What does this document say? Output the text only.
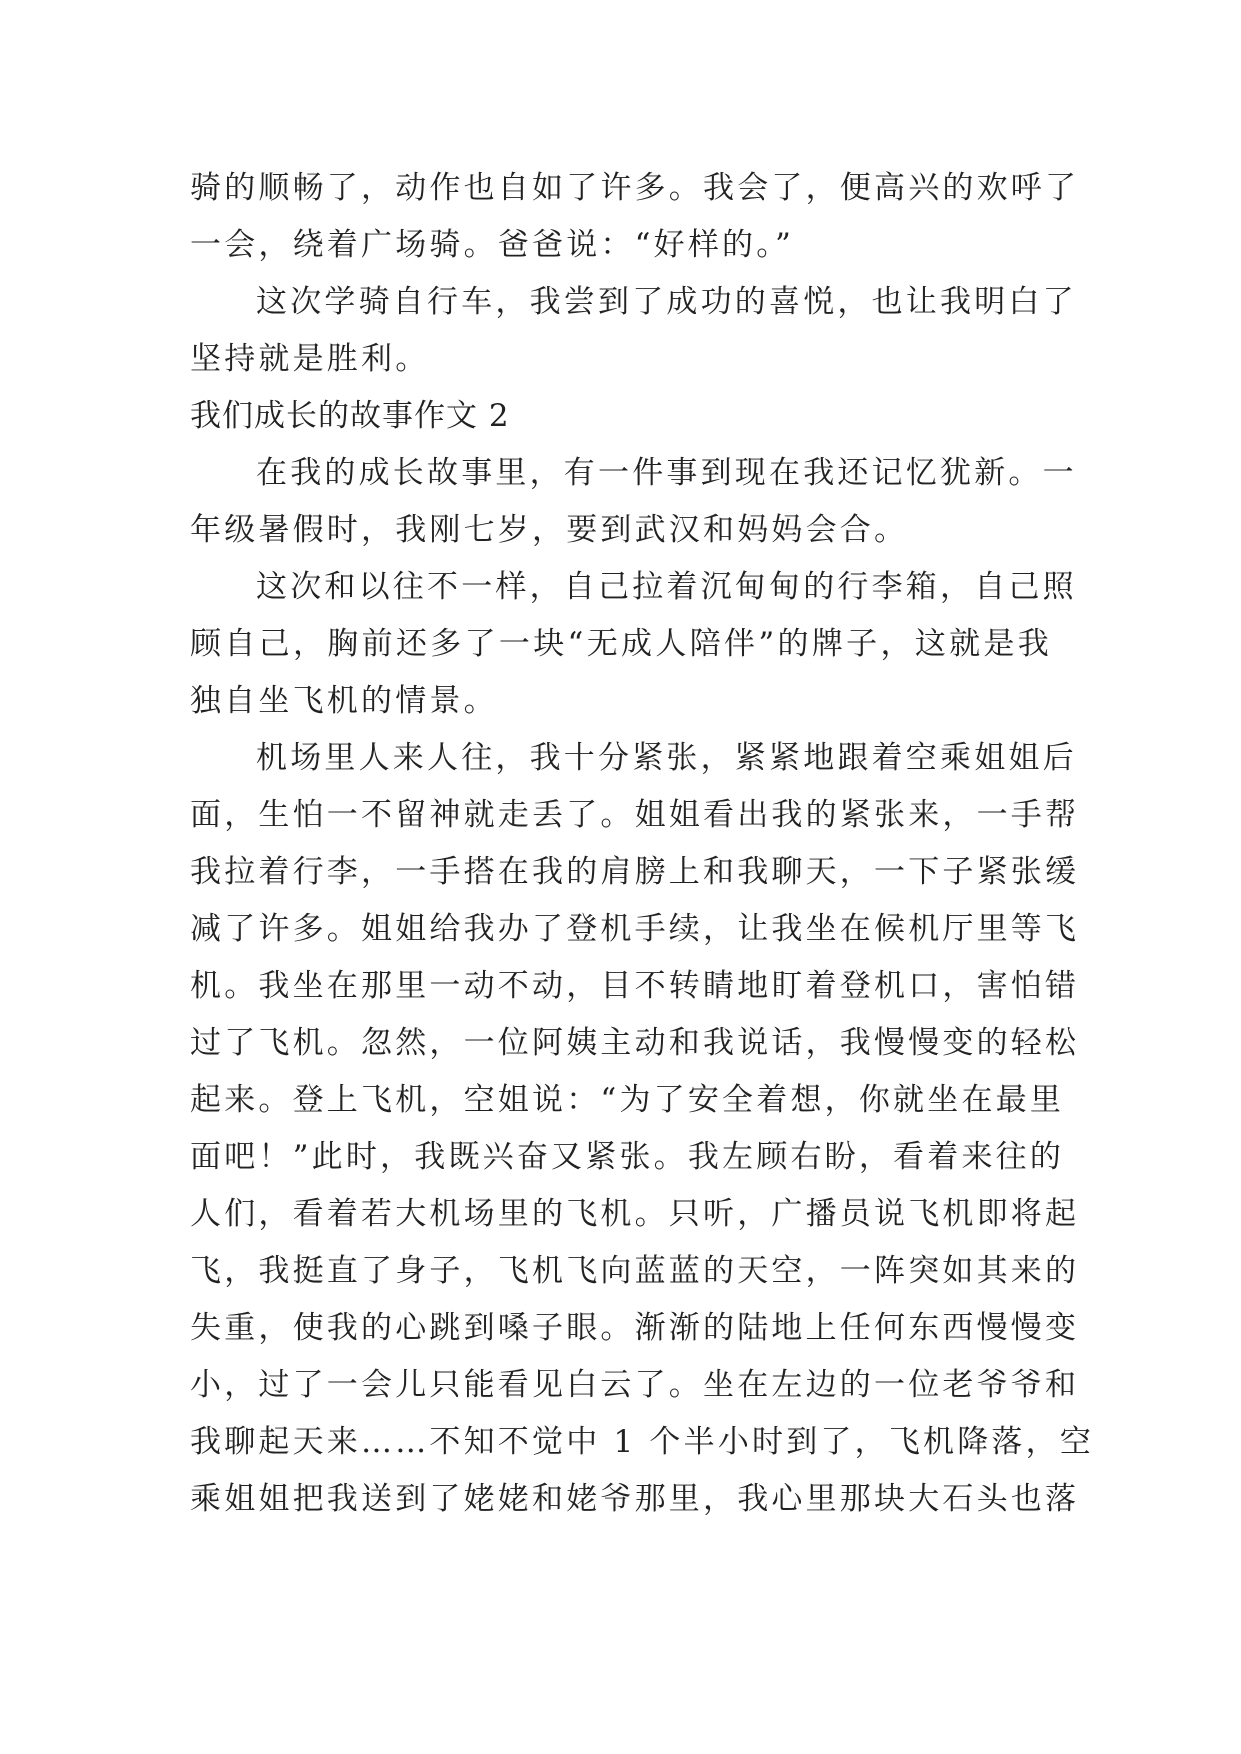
骑的顺畅了，动作也自如了许多。我会了，便高兴的欢呼了
一会，绕着广场骑。爸爸说：“好样的。”
这次学骑自行车，我尝到了成功的喜悦，也让我明白了
坚持就是胜利。
我们成长的故事作文 2
在我的成长故事里，有一件事到现在我还记忆犹新。一
年级暑假时，我刚七岁，要到武汉和妈妈会合。
这次和以往不一样，自己拉着沉甸甸的行李箱，自己照
顾自己，胸前还多了一块“无成人陪伴”的牌子，这就是我
独自坐飞机的情景。
机场里人来人往，我十分紧张，紧紧地跟着空乘姐姐后
面，生怕一不留神就走丢了。姐姐看出我的紧张来，一手帮
我拉着行李，一手搭在我的肩膀上和我聊天，一下子紧张缓
减了许多。姐姐给我办了登机手续，让我坐在候机厅里等飞
机。我坐在那里一动不动，目不转睛地盯着登机口，害怕错
过了飞机。忽然，一位阿姨主动和我说话，我慢慢变的轻松
起来。登上飞机，空姐说：“为了安全着想，你就坐在最里
面吧！”此时，我既兴奋又紧张。我左顾右盼，看着来往的
人们，看着若大机场里的飞机。只听，广播员说飞机即将起
飞，我挺直了身子，飞机飞向蓝蓝的天空，一阵突如其来的
失重，使我的心跳到嗓子眼。渐渐的陆地上任何东西慢慢变
小，过了一会儿只能看见白云了。坐在左边的一位老爷爷和
我聊起天来……不知不觉中 1 个半小时到了，飞机降落，空
乘姐姐把我送到了姥姥和姥爷那里，我心里那块大石头也落
